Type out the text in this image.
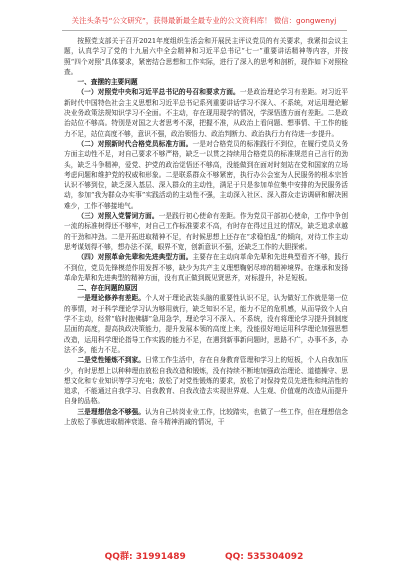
关注头条号“公文研究”，获得最新最全最专业的公文资料库！ 微信：gongwenyj

按照党支部关于召开2021年度组织生活会和开展民主评议党员的有关要求，我紧扣会议主题，认真学习了党的十九届六中全会精神和习近平总书记“七一”重要讲话精神等内容，并按照“四个对照”具体要求，紧密结合思想和工作实际，进行了深入的思考和剖析，现作如下对照检查。

一、查摆的主要问题

（一）对照党中央和习近平总书记的号召和要求方面。一是政治理论学习有差距。对习近平新时代中国特色社会主义思想和习近平总书记系列重要讲话学习不深入、不系统，对运用理论解决业务政策法规知识学习不全面。不主动，存在现用现学的情况，学深悟透方面有差距。二是政治站位不够高。特别是对国之大者思考不深，把握不准，从政治上看问题、想事情、干工作的能力不足，站位高度不够，意识不强，政治领悟力、政治判断力、政治执行力有待进一步提升。

（二）对照新时代合格党员标准方面。一是对合格党员的标准践行不到位，在履行党员义务方面主动性不足，对自己要求不够严格，缺乏一以贯之持续用合格党员的标准规范自己言行的劲头，缺乏斗争精神，爱党、护党的政治觉悟还不够高，没能做到在面对时刻站在党和国家的立场考虑问题和维护党的权威和形象。二是联系群众不够紧密，执行办公会室为人民服务的根本宗旨认识不够到位，缺乏深入基层、深入群众的主动性，满足于只是参加单位集中安排的为民服务活动，参加“我为群众办实事”实践活动的主动性不强，主动深入社区、深入群众走访调研和解决困难少，工作不够接地气。

（三）对照入党誓词方面。一是践行初心使命有差距。作为党员干部初心使命，工作中争创一流的标准树得还不够牢，对自己工作标准要求不高，有时存在得过且过的情况，缺乏追求卓越的干劲和冲劲。二是开拓进取精神不足，有时候思想上还存在“求稳怕乱”的倾向，对待工作主动思考谋划得不够，想办法不深，眼界不宽，创新意识不强，还缺乏工作的大胆探索。

（四）对照革命先辈和先进典型方面。主要存在主动向革命先辈和先进典型看齐不够，践行不到位，党员先锋模范作用发挥不够，缺少为共产主义理想鞠躬尽瘁的精神境界。在继承和发扬革命先辈和先进典型的精神方面，没有真正做到既见贤思齐，对标提升，补足短板。

二、存在问题的原因

一是理论修养有差距。个人对于理论武装头脑的重要性认识不足，认为做好工作就是第一位的事情，对于科学理论学习认为够用就行，缺乏知识不足，能力不足的危机感，从而导致个人自学不主动，经常“临时抱佛脚”急用急学，理论学习不深入、不系统，没有将理论学习提升到制度层面的高度，提高执政决策能力，提升发展本领的高度上来，没能很好地运用科学理论加强思想改造，运用科学理论指导工作实践的能力不足，在遇到新事新问题时，思路不广，办事不多，办法不多，能力不足。

二是党性锤炼不到家。日常工作生活中，存在自身教育管理和学习上的短板，个人自我加压少，有时思想上以种种理由放松自我改造和锻炼，没有持续不断地加强政治理论、道德操守、思想文化和专业知识等学习充电；放松了对党性锻炼的要求，放松了对保持党员先进性和纯洁性的追求，不能通过自我学习、自我教育、自我改造去实现世界观、人生观、价值观的改造从而提升自身的品格。

三是理想信念不够强。认为自己转岗业业工作，比较踏实，也做了一些工作，但在理想信念上放松了事就进取精神衰退、奋斗精神消减的情况，干

QQ群: 31991489	QQ: 535304092
